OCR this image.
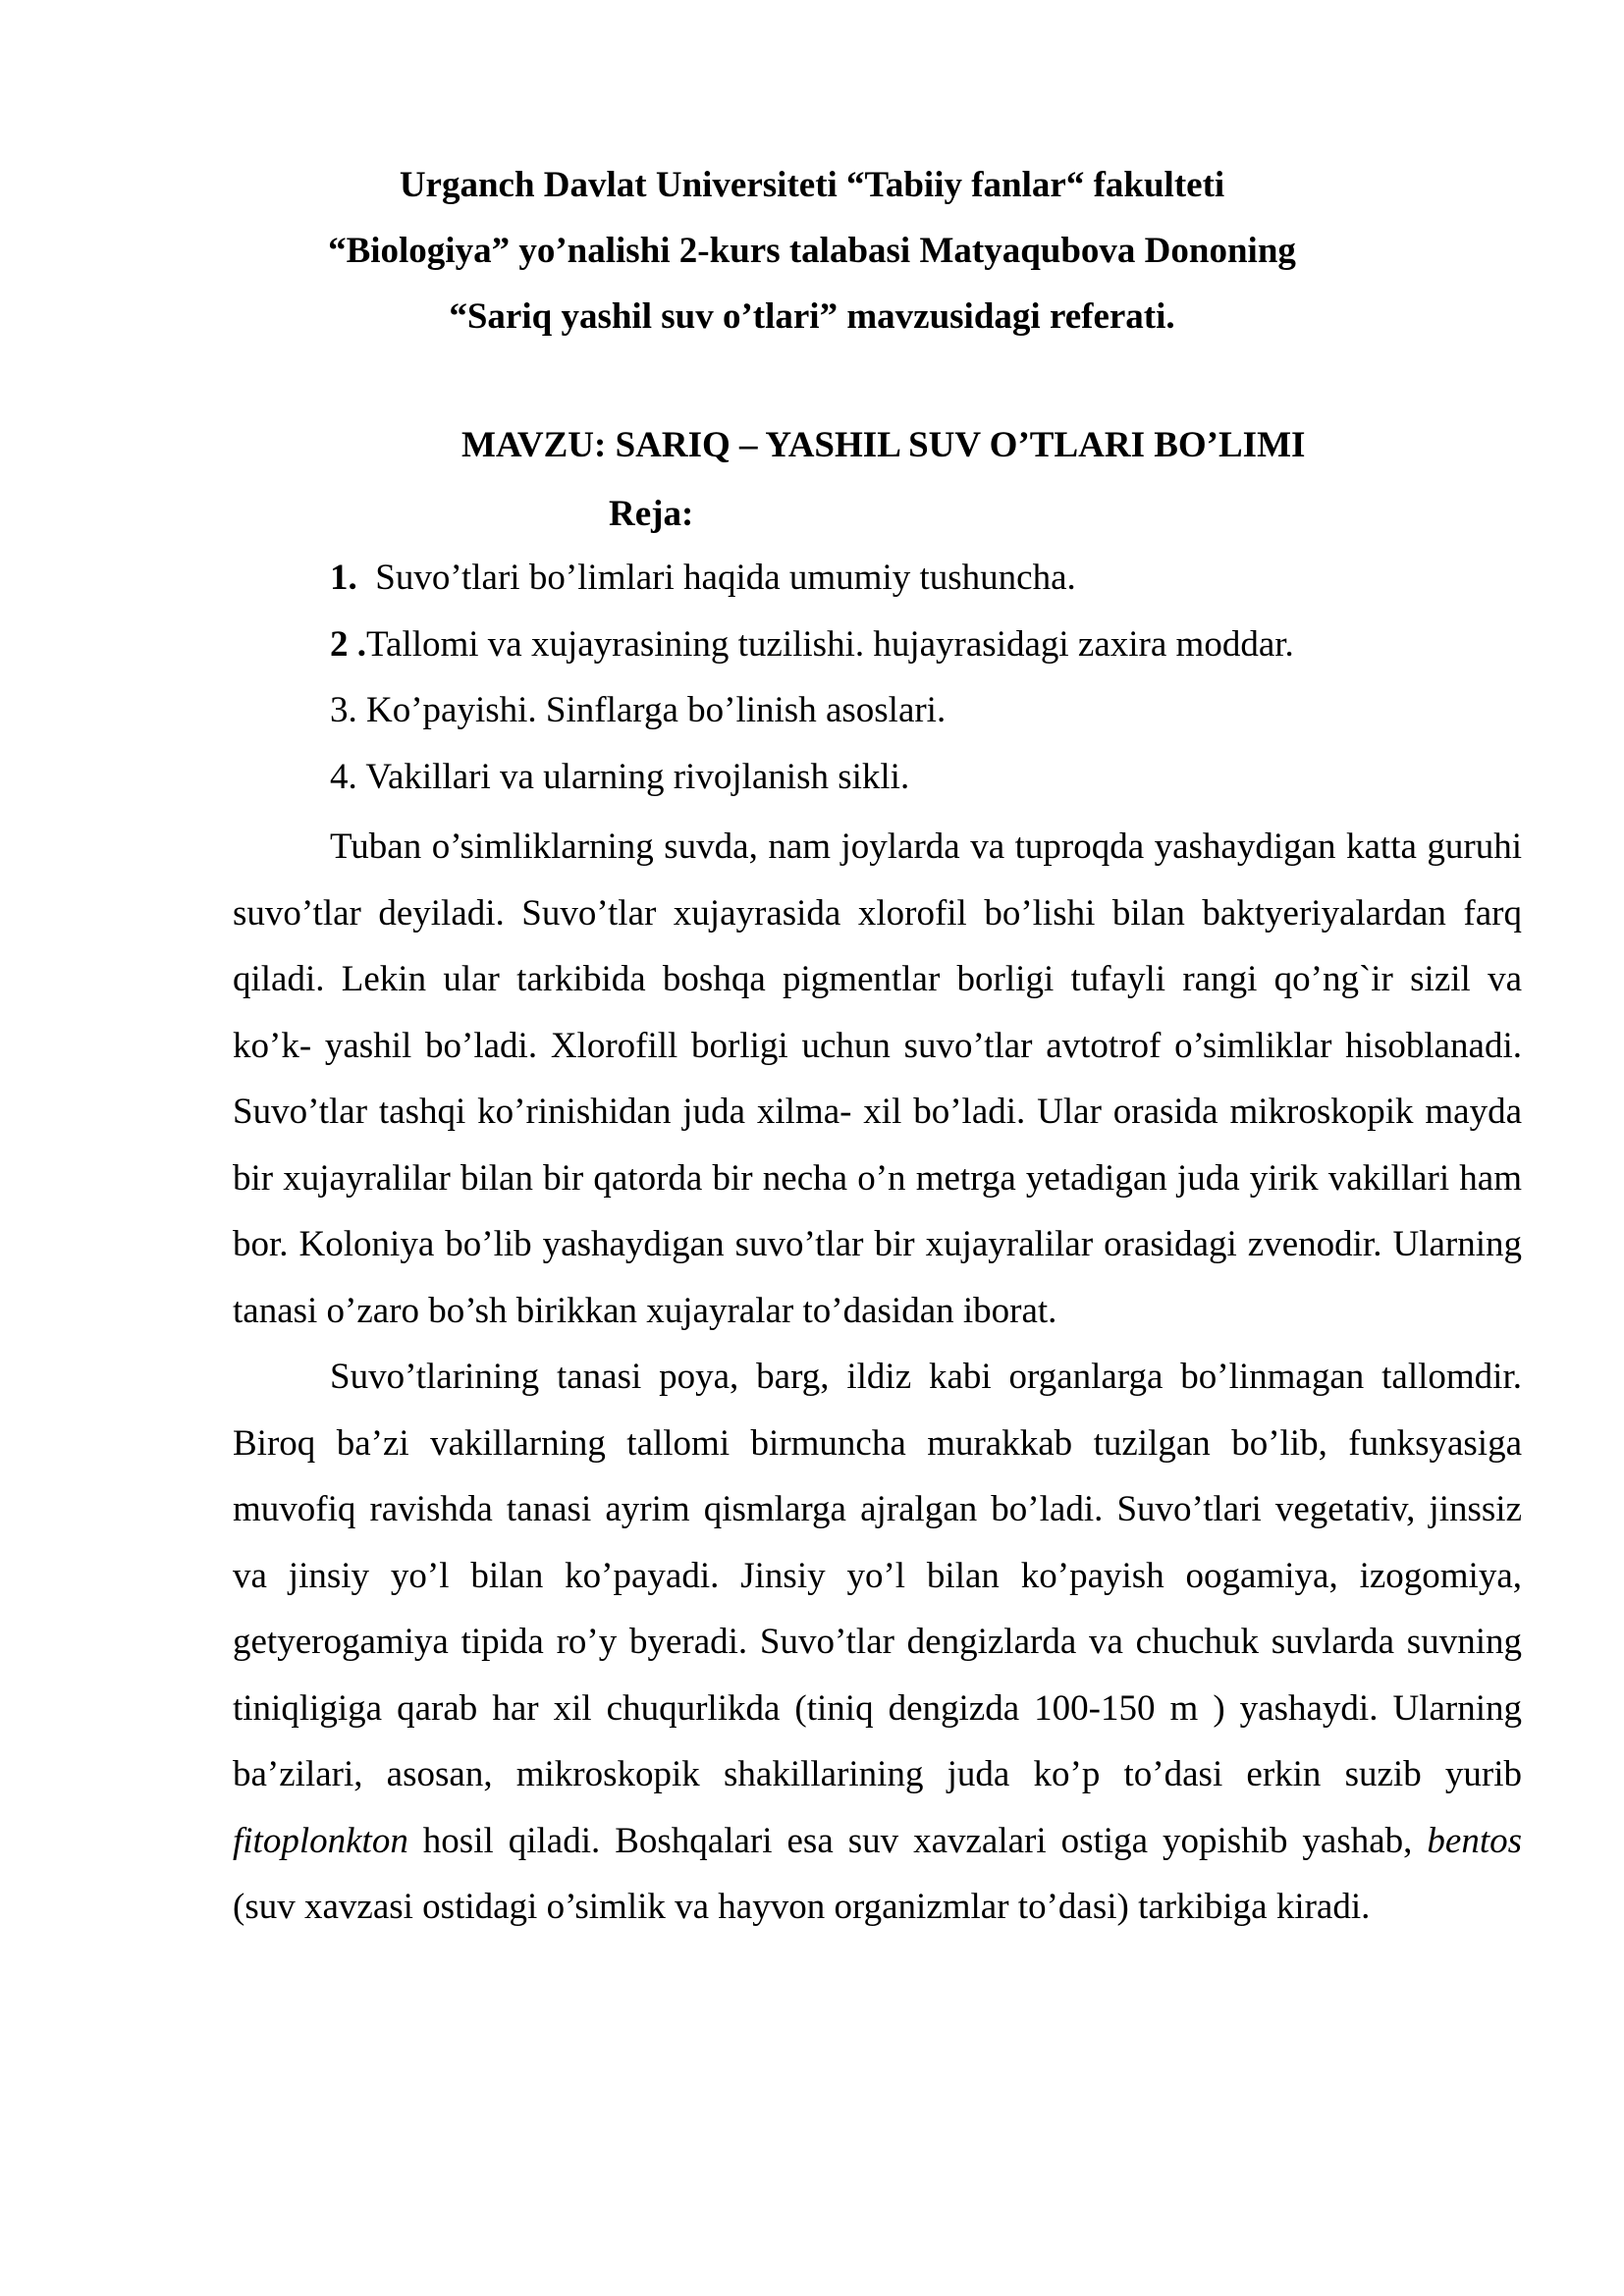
Urganch Davlat Universiteti “Tabiiy fanlar“ fakulteti
“Biologiya” yo’nalishi 2-kurs talabasi Matyaqubova Dononing
“Sariq yashil suv o’tlari” mavzusidagi referati.
MAVZU: SARIQ – YASHIL SUV O’TLARI BO’LIMI
Reja:
1.  Suvo’tlari bo’limlari haqida umumiy tushuncha.
2 .Tallomi va xujayrasining tuzilishi. hujayrasidagi zaxira moddar.
3. Ko’payishi. Sinflarga bo’linish asoslari.
4. Vakillari va ularning rivojlanish sikli.

Tuban o’simliklarning suvda, nam joylarda va tuproqda yashaydigan katta guruhi suvo’tlar deyiladi. Suvo’tlar xujayrasida xlorofil bo’lishi bilan baktyeriyalardan farq qiladi. Lekin ular tarkibida boshqa pigmentlar borligi tufayli rangi qo’ng`ir sizil va ko’k- yashil bo’ladi. Xlorofill borligi uchun suvo’tlar avtotrof o’simliklar hisoblanadi. Suvo’tlar tashqi ko’rinishidan juda xilma- xil bo’ladi. Ular orasida mikroskopik mayda bir xujayralilar bilan bir qatorda bir necha o’n metrga yetadigan juda yirik vakillari ham bor. Koloniya bo’lib yashaydigan suvo’tlar bir xujayralilar orasidagi zvenodir. Ularning tanasi o’zaro bo’sh birikkan xujayralar to’dasidan iborat.

Suvo’tlarining tanasi poya, barg, ildiz kabi organlarga bo’linmagan tallomdir. Biroq ba’zi vakillarning tallomi birmuncha murakkab tuzilgan bo’lib, funksyasiga muvofiq ravishda tanasi ayrim qismlarga ajralgan bo’ladi. Suvo’tlari vegetativ, jinssiz va jinsiy yo’l bilan ko’payadi. Jinsiy yo’l bilan ko’payish oogamiya, izogomiya, getyerogamiya tipida ro’y byeradi. Suvo’tlar dengizlarda va chuchuk suvlarda suvning tiniqligiga qarab har xil chuqurlikda (tiniq dengizda 100-150 m ) yashaydi. Ularning ba’zilari, asosan, mikroskopik shakillarining juda ko’p to’dasi erkin suzib yurib fitoplonkton hosil qiladi. Boshqalari esa suv xavzalari ostiga yopishib yashab, bentos (suv xavzasi ostidagi o’simlik va hayvon organizmlar to’dasi) tarkibiga kiradi.
